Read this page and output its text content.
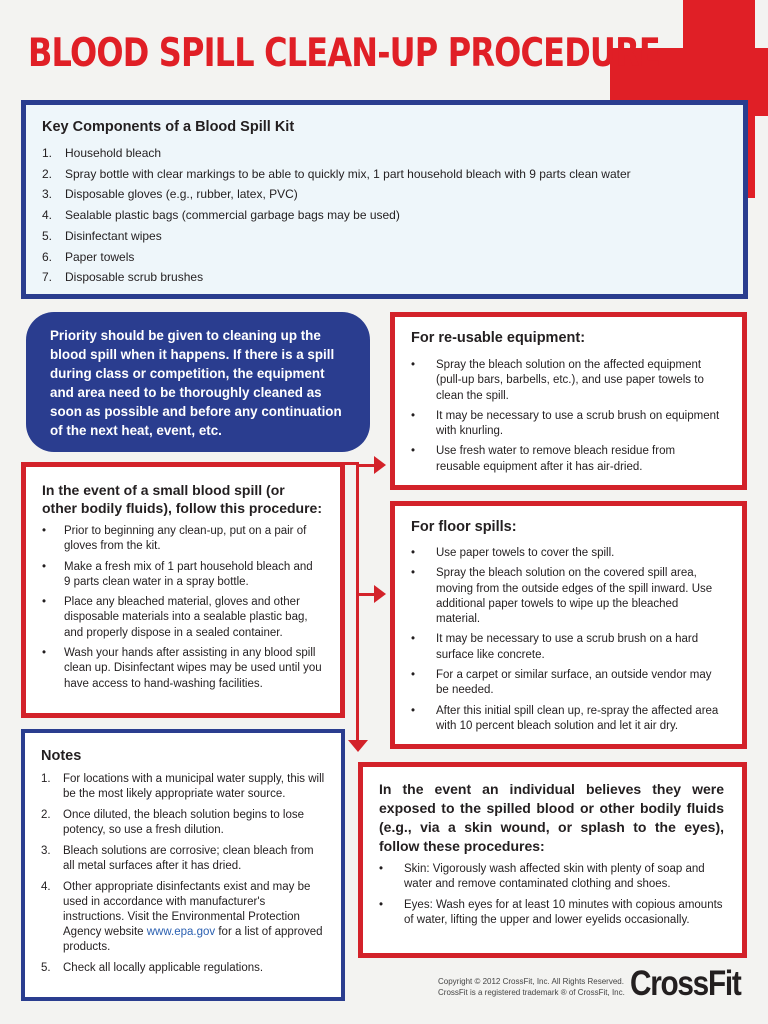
BLOOD SPILL CLEAN-UP PROCEDURE
Key Components of a Blood Spill Kit
1.	Household bleach
2.	Spray bottle with clear markings to be able to quickly mix, 1 part household bleach with 9 parts clean water
3.	Disposable gloves (e.g., rubber, latex, PVC)
4.	Sealable plastic bags (commercial garbage bags may be used)
5.	Disinfectant wipes
6.	Paper towels
7.	Disposable scrub brushes
Priority should be given to cleaning up the blood spill when it happens. If there is a spill during class or competition, the equipment and area need to be thoroughly cleaned as soon as possible and before any continuation of the next heat, event, etc.
In the event of a small blood spill (or other bodily fluids), follow this procedure:
•	Prior to beginning any clean-up, put on a pair of gloves from the kit.
•	Make a fresh mix of 1 part household bleach and 9 parts clean water in a spray bottle.
•	Place any bleached material, gloves and other disposable materials into a sealable plastic bag, and properly dispose in a sealed container.
•	Wash your hands after assisting in any blood spill clean up. Disinfectant wipes may be used until you have access to hand-washing facilities.
For re-usable equipment:
•	Spray the bleach solution on the affected equipment (pull-up bars, barbells, etc.), and use paper towels to clean the spill.
•	It may be necessary to use a scrub brush on equipment with knurling.
•	Use fresh water to remove bleach residue from reusable equipment after it has air-dried.
For floor spills:
•	Use paper towels to cover the spill.
•	Spray the bleach solution on the covered spill area, moving from the outside edges of the spill inward. Use additional paper towels to wipe up the bleached material.
•	It may be necessary to use a scrub brush on a hard surface like concrete.
•	For a carpet or similar surface, an outside vendor may be needed.
•	After this initial spill clean up, re-spray the affected area with 10 percent bleach solution and let it air dry.
In the event an individual believes they were exposed to the spilled blood or other bodily fluids (e.g., via a skin wound, or splash to the eyes), follow these procedures:
•	Skin: Vigorously wash affected skin with plenty of soap and water and remove contaminated clothing and shoes.
•	Eyes: Wash eyes for at least 10 minutes with copious amounts of water, lifting the upper and lower eyelids occasionally.
Notes
1.	For locations with a municipal water supply, this will be the most likely appropriate water source.
2.	Once diluted, the bleach solution begins to lose potency, so use a fresh dilution.
3.	Bleach solutions are corrosive; clean bleach from all metal surfaces after it has dried.
4.	Other appropriate disinfectants exist and may be used in accordance with manufacturer's instructions. Visit the Environmental Protection Agency website www.epa.gov for a list of approved products.
5.	Check all locally applicable regulations.
Copyright © 2012 CrossFit, Inc. All Rights Reserved.
CrossFit is a registered trademark ® of CrossFit, Inc. CrossFit
